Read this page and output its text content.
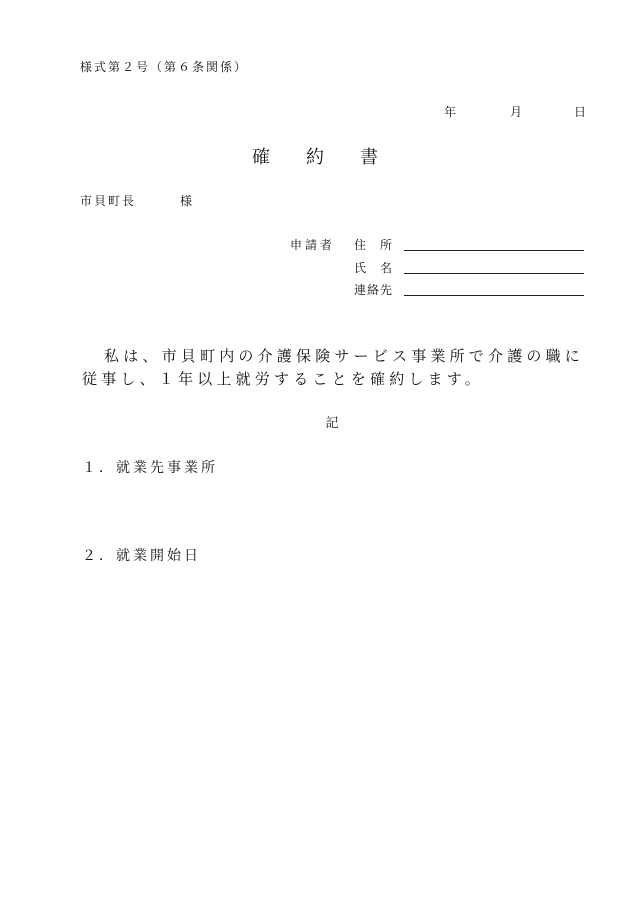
様式第２号（第６条関係）
年	月	日
確約書
市貝町長	様
申請者 住　所
氏　名
連絡先
私は、市貝町内の介護保険サービス事業所で介護の職に従事し、１年以上就労することを確約します。
記
１．就業先事業所
２．就業開始日
